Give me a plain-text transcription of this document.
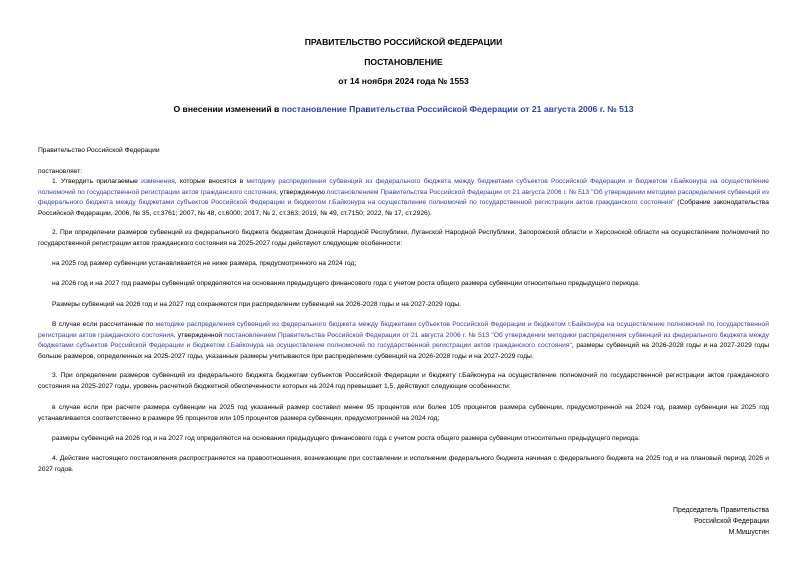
ПРАВИТЕЛЬСТВО РОССИЙСКОЙ ФЕДЕРАЦИИ
ПОСТАНОВЛЕНИЕ
от 14 ноября 2024 года № 1553
О внесении изменений в постановление Правительства Российской Федерации от 21 августа 2006 г. № 513
Правительство Российской Федерации
постановляет:
1. Утвердить прилагаемые изменения, которые вносятся в методику распределения субвенций из федерального бюджета между бюджетами субъектов Российской Федерации и бюджетом г.Байконура на осуществление полномочий по государственной регистрации актов гражданского состояния, утвержденную постановлением Правительства Российской Федерации от 21 августа 2006 г. № 513 "Об утверждении методики распределения субвенций из федерального бюджета между бюджетами субъектов Российской Федерации и бюджетом г.Байконура на осуществление полномочий по государственной регистрации актов гражданского состояния" (Собрание законодательства Российской Федерации, 2006, № 35, ст.3761; 2007, № 48, ст.6000; 2017, № 2, ст.363; 2019, № 49, ст.7150; 2022, № 17, ст.2926).
2. При определении размеров субвенций из федерального бюджета бюджетам Донецкой Народной Республики, Луганской Народной Республики, Запорожской области и Херсонской области на осуществление полномочий по государственной регистрации актов гражданского состояния на 2025-2027 годы действуют следующие особенности:
на 2025 год размер субвенции устанавливается не ниже размера, предусмотренного на 2024 год;
на 2026 год и на 2027 год размеры субвенций определяются на основании предыдущего финансового года с учетом роста общего размера субвенции относительно предыдущего периода.
Размеры субвенций на 2026 год и на 2027 год сохраняются при распределении субвенций на 2026-2028 годы и на 2027-2029 годы.
В случае если рассчитанные по методике распределения субвенций из федерального бюджета между бюджетами субъектов Российской Федерации и бюджетом г.Байконура на осуществление полномочий по государственной регистрации актов гражданского состояния, утвержденной постановлением Правительства Российской Федерации от 21 августа 2006 г. № 513 "Об утверждении методики распределения субвенций из федерального бюджета между бюджетами субъектов Российской Федерации и бюджетом г.Байконура на осуществление полномочий по государственной регистрации актов гражданского состояния", размеры субвенций на 2026-2028 годы и на 2027-2029 годы больше размеров, определенных на 2025-2027 годы, указанные размеры учитываются при распределении субвенций на 2026-2028 годы и на 2027-2029 годы.
3. При определении размеров субвенций из федерального бюджета бюджетам субъектов Российской Федерации и бюджету г.Байконура на осуществление полномочий по государственной регистрации актов гражданского состояния на 2025-2027 годы, уровень расчетной бюджетной обеспеченности которых на 2024 год превышает 1,5, действуют следующие особенности:
в случае если при расчете размера субвенции на 2025 год указанный размер составил менее 95 процентов или более 105 процентов размера субвенции, предусмотренной на 2024 год, размер субвенции на 2025 год устанавливается соответственно в размере 95 процентов или 105 процентов размера субвенции, предусмотренной на 2024 год;
размеры субвенций на 2026 год и на 2027 год определяются на основании предыдущего финансового года с учетом роста общего размера субвенции относительно предыдущего периода.
4. Действие настоящего постановления распространяется на правоотношения, возникающие при составлении и исполнении федерального бюджета начиная с федерального бюджета на 2025 год и на плановый период 2026 и 2027 годов.
Председатель Правительства
Российской Федерации
М.Мишустин
